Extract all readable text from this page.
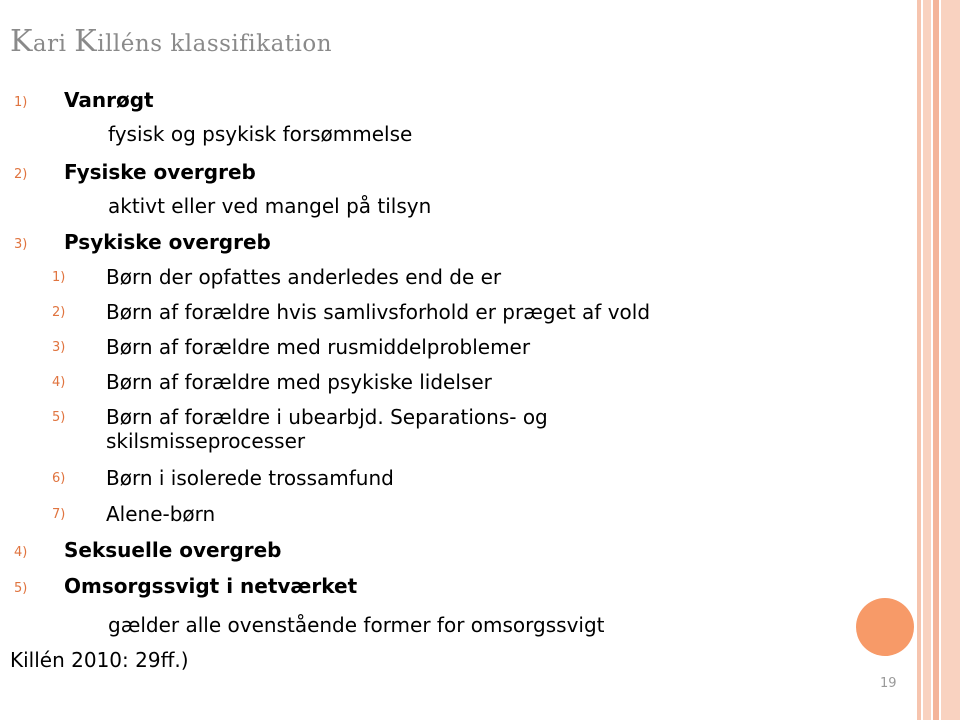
Kari Killéns klassifikation
1) Vanrøgt
fysisk og psykisk forsømmelse
2) Fysiske overgreb
aktivt eller ved mangel på tilsyn
3) Psykiske overgreb
1) Børn der opfattes anderledes end de er
2) Børn af forældre hvis samlivsforhold er præget af vold
3) Børn af forældre med rusmiddelproblemer
4) Børn af forældre med psykiske lidelser
5) Børn af forældre i ubearbjd. Separations- og
skilsmisseprocesser
6) Børn i isolerede trossamfund
7) Alene-børn
4) Seksuelle overgreb
5) Omsorgssvigt i netværket
gælder alle ovenstående former for omsorgssvigt
Killén 2010: 29ff.)
19
